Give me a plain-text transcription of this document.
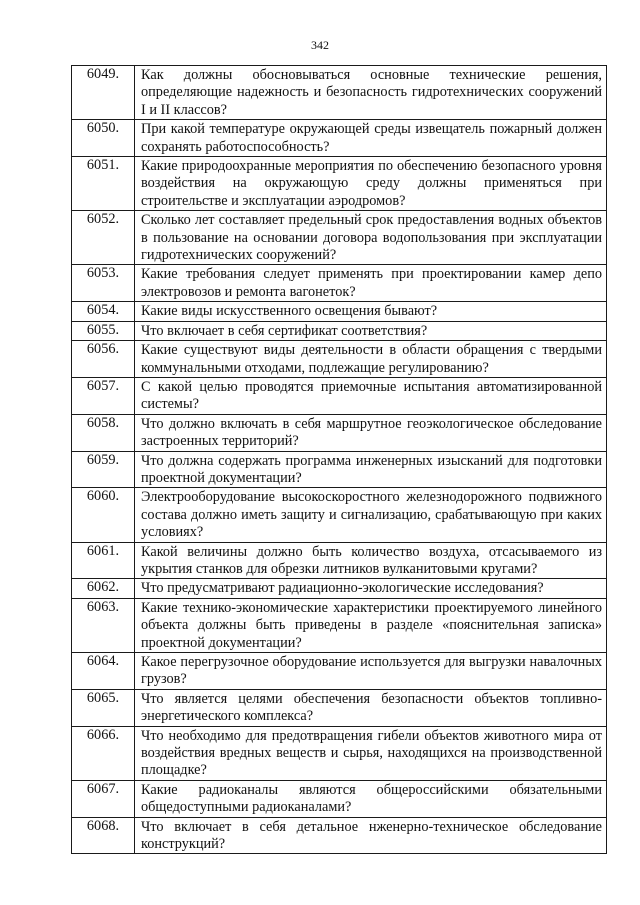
342
6049.	Как должны обосновываться основные технические решения, определяющие надежность и безопасность гидротехнических сооружений I и II классов?
6050.	При какой температуре окружающей среды извещатель пожарный должен сохранять работоспособность?
6051.	Какие природоохранные мероприятия по обеспечению безопасного уровня воздействия на окружающую среду должны применяться при строительстве и эксплуатации аэродромов?
6052.	Сколько лет составляет предельный срок предоставления водных объектов в пользование на основании договора водопользования при эксплуатации гидротехнических сооружений?
6053.	Какие требования следует применять при проектировании камер депо электровозов и ремонта вагонеток?
6054.	Какие виды искусственного освещения бывают?
6055.	Что включает в себя сертификат соответствия?
6056.	Какие существуют виды деятельности в области обращения с твердыми коммунальными отходами, подлежащие регулированию?
6057.	С какой целью проводятся приемочные испытания автоматизированной системы?
6058.	Что должно включать в себя маршрутное геоэкологическое обследование застроенных территорий?
6059.	Что должна содержать программа инженерных изысканий для подготовки проектной документации?
6060.	Электрооборудование высокоскоростного железнодорожного подвижного состава должно иметь защиту и сигнализацию, срабатывающую при каких условиях?
6061.	Какой величины должно быть количество воздуха, отсасываемого из укрытия станков для обрезки литников вулканитовыми кругами?
6062.	Что предусматривают радиационно-экологические исследования?
6063.	Какие технико-экономические характеристики проектируемого линейного объекта должны быть приведены в разделе «пояснительная записка» проектной документации?
6064.	Какое перегрузочное оборудование используется для выгрузки навалочных грузов?
6065.	Что является целями обеспечения безопасности объектов топливно-энергетического комплекса?
6066.	Что необходимо для предотвращения гибели объектов животного мира от воздействия вредных веществ и сырья, находящихся на производственной площадке?
6067.	Какие радиоканалы являются общероссийскими обязательными общедоступными радиоканалами?
6068.	Что включает в себя детальное нженерно-техническое обследование конструкций?
